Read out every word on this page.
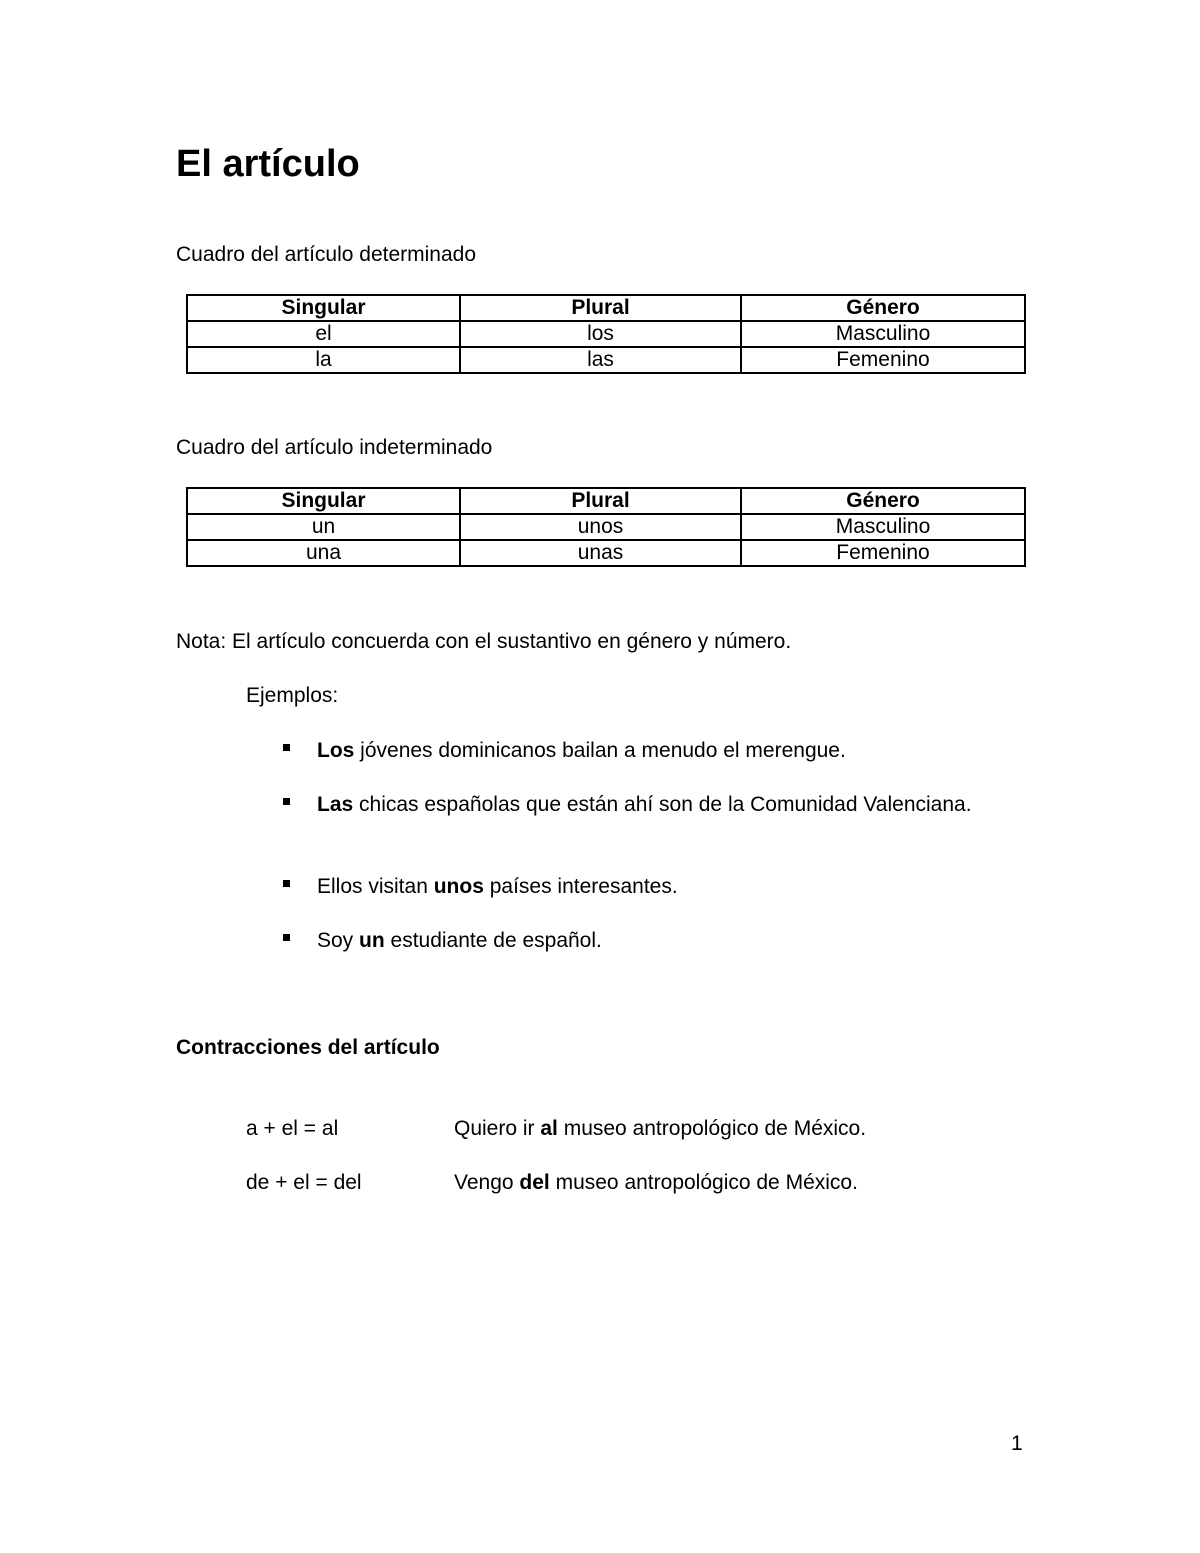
El artículo
Cuadro del artículo determinado
Singular	Plural	Género
el	los	Masculino
la	las	Femenino
Cuadro del artículo indeterminado
Singular	Plural	Género
un	unos	Masculino
una	unas	Femenino
Nota: El artículo concuerda con el sustantivo en género y número.
Ejemplos:
Los jóvenes dominicanos bailan a menudo el merengue.
Las chicas españolas que están ahí son de la Comunidad Valenciana.
Ellos visitan unos países interesantes.
Soy un estudiante de español.
Contracciones del artículo
a + el = al	Quiero ir al museo antropológico de México.
de + el = del	Vengo del museo antropológico de México.
1
